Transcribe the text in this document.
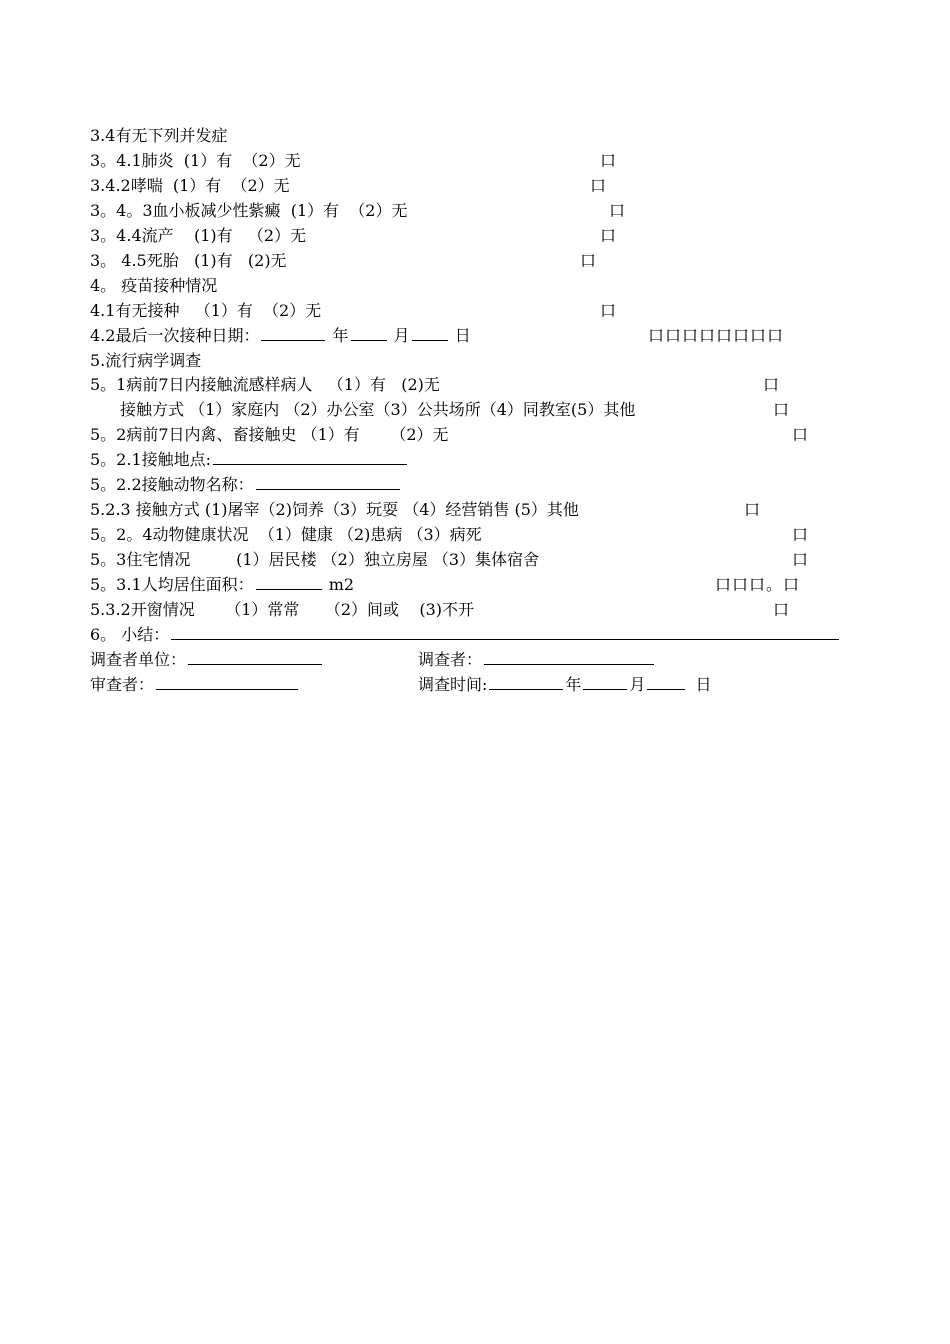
3.4有无下列并发症
3。4.1肺炎  (1）有  （2）无	口
3.4.2哮喘  (1）有  （2）无	口
3。4。3血小板减少性紫癜  (1）有  （2）无	口
3。4.4流产    (1)有   （2）无	口
3。 4.5死胎   (1)有   (2)无	口
4。 疫苗接种情况
4.1有无接种   （1）有  （2）无	口
4.2最后一次接种日期：	年	月	日	口口口口口口口口
5.流行病学调查
5。1病前7日内接触流感样病人   （1）有   (2)无	口
接触方式 （1）家庭内 （2）办公室（3）公共场所（4）同教室(5）其他	口
5。2病前7日内禽、畜接触史 （1）有      （2）无	口
5。2.1接触地点:
5。2.2接触动物名称：
5.2.3 接触方式 (1)屠宰（2)饲养（3）玩耍 （4）经营销售 (5）其他	口
5。2。4动物健康状况  （1）健康 （2)患病 （3）病死	口
5。3住宅情况         (1）居民楼 （2）独立房屋 （3）集体宿舍	口
5。3.1人均居住面积：	m2	口口口。口
5.3.2开窗情况      （1）常常     （2）间或    (3)不开	口
6。 小结：
调查者单位：	调查者：
审查者：	调查时间:	年	月	日
